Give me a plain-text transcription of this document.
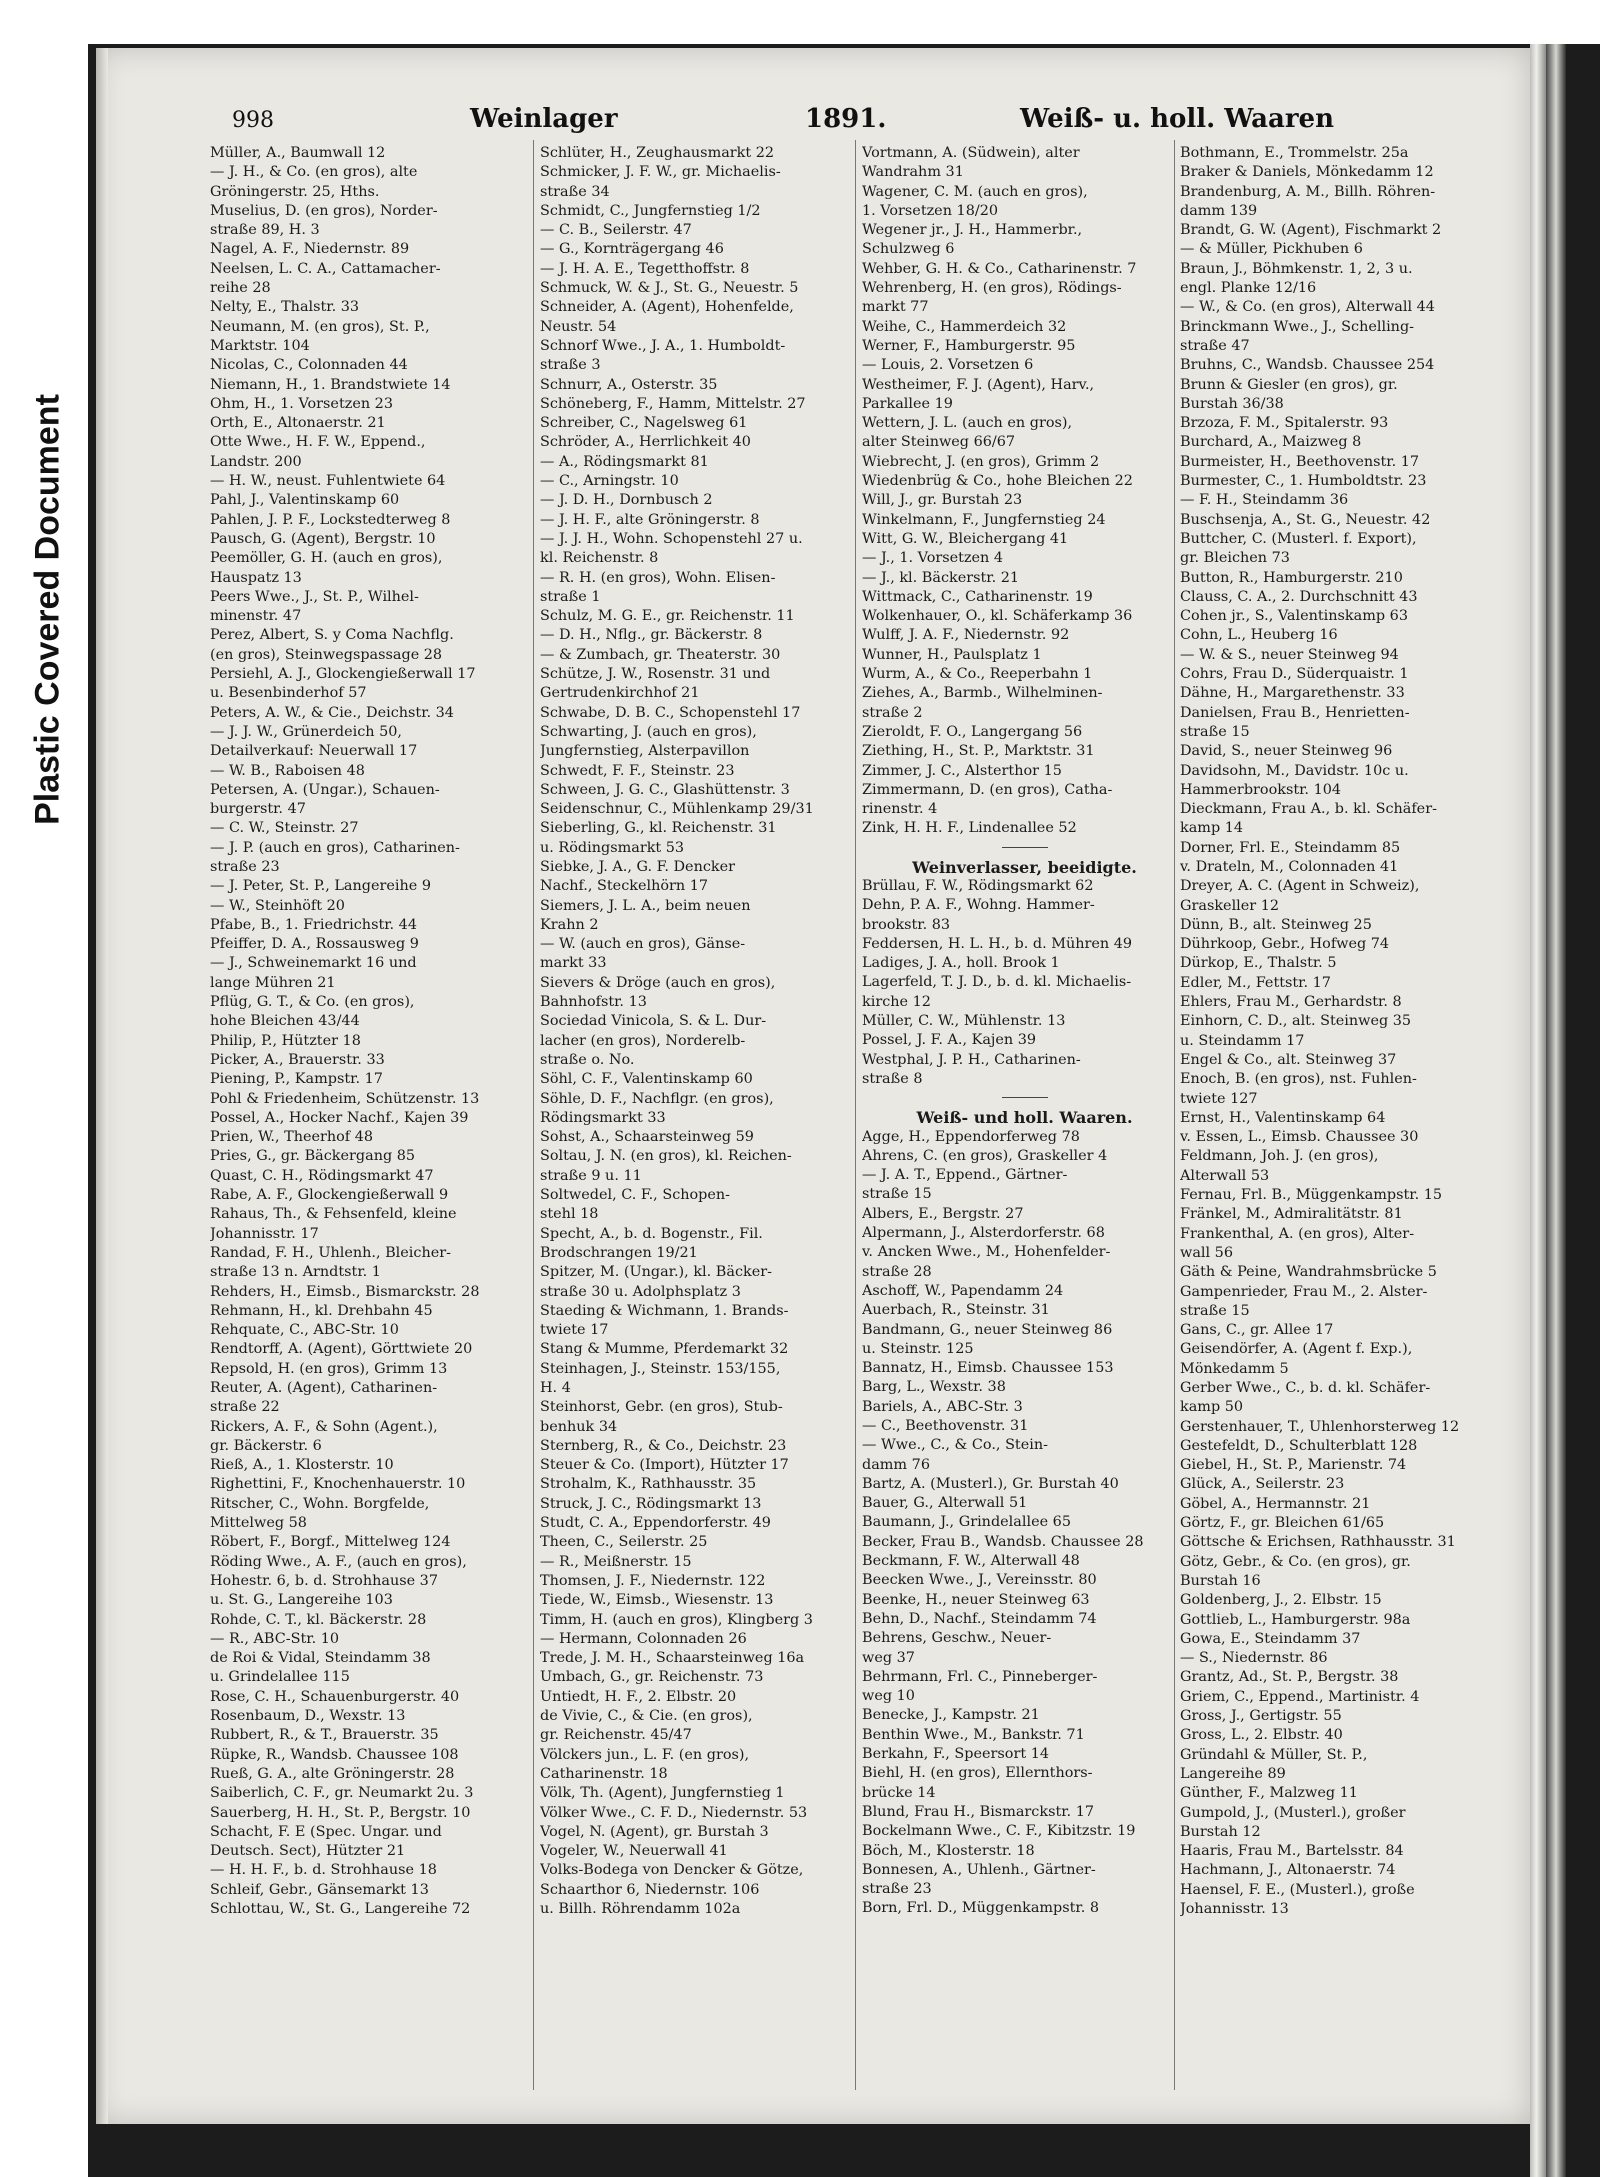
Plastic Covered Document
998	Weinlager	1891.	Weiß- u. holl. Waaren
Müller, A., Baumwall 12
— J. H., & Co. (en gros), alte
Gröningerstr. 25, Hths.
Muselius, D. (en gros), Norder-
straße 89, H. 3
Nagel, A. F., Niedernstr. 89
Neelsen, L. C. A., Cattamacher-
reihe 28
Nelty, E., Thalstr. 33
Neumann, M. (en gros), St. P.,
Marktstr. 104
Nicolas, C., Colonnaden 44
Niemann, H., 1. Brandstwiete 14
Ohm, H., 1. Vorsetzen 23
Orth, E., Altonaerstr. 21
Otte Wwe., H. F. W., Eppend.,
Landstr. 200
— H. W., neust. Fuhlentwiete 64
Pahl, J., Valentinskamp 60
Pahlen, J. P. F., Lockstedterweg 8
Pausch, G. (Agent), Bergstr. 10
Peemöller, G. H. (auch en gros),
Hauspatz 13
Peers Wwe., J., St. P., Wilhel-
minenstr. 47
Perez, Albert, S. y Coma Nachflg.
(en gros), Steinwegspassage 28
Persiehl, A. J., Glockengießerwall 17
u. Besenbinderhof 57
Peters, A. W., & Cie., Deichstr. 34
— J. J. W., Grünerdeich 50,
Detailverkauf: Neuerwall 17
— W. B., Raboisen 48
Petersen, A. (Ungar.), Schauen-
burgerstr. 47
— C. W., Steinstr. 27
— J. P. (auch en gros), Catharinen-
straße 23
— J. Peter, St. P., Langereihe 9
— W., Steinhöft 20
Pfabe, B., 1. Friedrichstr. 44
Pfeiffer, D. A., Rossausweg 9
— J., Schweinemarkt 16 und
lange Mühren 21
Pflüg, G. T., & Co. (en gros),
hohe Bleichen 43/44
Philip, P., Hützter 18
Picker, A., Brauerstr. 33
Piening, P., Kampstr. 17
Pohl & Friedenheim, Schützenstr. 13
Possel, A., Hocker Nachf., Kajen 39
Prien, W., Theerhof 48
Pries, G., gr. Bäckergang 85
Quast, C. H., Rödingsmarkt 47
Rabe, A. F., Glockengießerwall 9
Rahaus, Th., & Fehsenfeld, kleine
Johannisstr. 17
Randad, F. H., Uhlenh., Bleicher-
straße 13 n. Arndtstr. 1
Rehders, H., Eimsb., Bismarckstr. 28
Rehmann, H., kl. Drehbahn 45
Rehquate, C., ABC-Str. 10
Rendtorff, A. (Agent), Görttwiete 20
Repsold, H. (en gros), Grimm 13
Reuter, A. (Agent), Catharinen-
straße 22
Rickers, A. F., & Sohn (Agent.),
gr. Bäckerstr. 6
Rieß, A., 1. Klosterstr. 10
Righettini, F., Knochenhauerstr. 10
Ritscher, C., Wohn. Borgfelde,
Mittelweg 58
Röbert, F., Borgf., Mittelweg 124
Röding Wwe., A. F., (auch en gros),
Hohestr. 6, b. d. Strohhause 37
u. St. G., Langereihe 103
Rohde, C. T., kl. Bäckerstr. 28
— R., ABC-Str. 10
de Roi & Vidal, Steindamm 38
u. Grindelallee 115
Rose, C. H., Schauenburgerstr. 40
Rosenbaum, D., Wexstr. 13
Rubbert, R., & T., Brauerstr. 35
Rüpke, R., Wandsb. Chaussee 108
Rueß, G. A., alte Gröningerstr. 28
Saiberlich, C. F., gr. Neumarkt 2u. 3
Sauerberg, H. H., St. P., Bergstr. 10
Schacht, F. E (Spec. Ungar. und
Deutsch. Sect), Hützter 21
— H. H. F., b. d. Strohhause 18
Schleif, Gebr., Gänsemarkt 13
Schlottau, W., St. G., Langereihe 72
Schlüter, H., Zeughausmarkt 22
Schmicker, J. F. W., gr. Michaelis-
straße 34
Schmidt, C., Jungfernstieg 1/2
— C. B., Seilerstr. 47
— G., Kornträgergang 46
— J. H. A. E., Tegetthoffstr. 8
Schmuck, W. & J., St. G., Neuestr. 5
Schneider, A. (Agent), Hohenfelde,
Neustr. 54
Schnorf Wwe., J. A., 1. Humboldt-
straße 3
Schnurr, A., Osterstr. 35
Schöneberg, F., Hamm, Mittelstr. 27
Schreiber, C., Nagelsweg 61
Schröder, A., Herrlichkeit 40
— A., Rödingsmarkt 81
— C., Arningstr. 10
— J. D. H., Dornbusch 2
— J. H. F., alte Gröningerstr. 8
— J. J. H., Wohn. Schopenstehl 27 u.
kl. Reichenstr. 8
— R. H. (en gros), Wohn. Elisen-
straße 1
Schulz, M. G. E., gr. Reichenstr. 11
— D. H., Nflg., gr. Bäckerstr. 8
— & Zumbach, gr. Theaterstr. 30
Schütze, J. W., Rosenstr. 31 und
Gertrudenkirchhof 21
Schwabe, D. B. C., Schopenstehl 17
Schwarting, J. (auch en gros),
Jungfernstieg, Alsterpavillon
Schwedt, F. F., Steinstr. 23
Schween, J. G. C., Glashüttenstr. 3
Seidenschnur, C., Mühlenkamp 29/31
Sieberling, G., kl. Reichenstr. 31
u. Rödingsmarkt 53
Siebke, J. A., G. F. Dencker
Nachf., Steckelhörn 17
Siemers, J. L. A., beim neuen
Krahn 2
— W. (auch en gros), Gänse-
markt 33
Sievers & Dröge (auch en gros),
Bahnhofstr. 13
Sociedad Vinicola, S. & L. Dur-
lacher (en gros), Norderelb-
straße o. No.
Söhl, C. F., Valentinskamp 60
Söhle, D. F., Nachflgr. (en gros),
Rödingsmarkt 33
Sohst, A., Schaarsteinweg 59
Soltau, J. N. (en gros), kl. Reichen-
straße 9 u. 11
Soltwedel, C. F., Schopen-
stehl 18
Specht, A., b. d. Bogenstr., Fil.
Brodschrangen 19/21
Spitzer, M. (Ungar.), kl. Bäcker-
straße 30 u. Adolphsplatz 3
Staeding & Wichmann, 1. Brands-
twiete 17
Stang & Mumme, Pferdemarkt 32
Steinhagen, J., Steinstr. 153/155,
H. 4
Steinhorst, Gebr. (en gros), Stub-
benhuk 34
Sternberg, R., & Co., Deichstr. 23
Steuer & Co. (Import), Hützter 17
Strohalm, K., Rathhausstr. 35
Struck, J. C., Rödingsmarkt 13
Studt, C. A., Eppendorferstr. 49
Theen, C., Seilerstr. 25
— R., Meißnerstr. 15
Thomsen, J. F., Niedernstr. 122
Tiede, W., Eimsb., Wiesenstr. 13
Timm, H. (auch en gros), Klingberg 3
— Hermann, Colonnaden 26
Trede, J. M. H., Schaarsteinweg 16a
Umbach, G., gr. Reichenstr. 73
Untiedt, H. F., 2. Elbstr. 20
de Vivie, C., & Cie. (en gros),
gr. Reichenstr. 45/47
Völckers jun., L. F. (en gros),
Catharinenstr. 18
Völk, Th. (Agent), Jungfernstieg 1
Völker Wwe., C. F. D., Niedernstr. 53
Vogel, N. (Agent), gr. Burstah 3
Vogeler, W., Neuerwall 41
Volks-Bodega von Dencker & Götze,
Schaarthor 6, Niedernstr. 106
u. Billh. Röhrendamm 102a
Vortmann, A. (Südwein), alter
Wandrahm 31
Wagener, C. M. (auch en gros),
1. Vorsetzen 18/20
Wegener jr., J. H., Hammerbr.,
Schulzweg 6
Wehber, G. H. & Co., Catharinenstr. 7
Wehrenberg, H. (en gros), Rödings-
markt 77
Weihe, C., Hammerdeich 32
Werner, F., Hamburgerstr. 95
— Louis, 2. Vorsetzen 6
Westheimer, F. J. (Agent), Harv.,
Parkallee 19
Wettern, J. L. (auch en gros),
alter Steinweg 66/67
Wiebrecht, J. (en gros), Grimm 2
Wiedenbrüg & Co., hohe Bleichen 22
Will, J., gr. Burstah 23
Winkelmann, F., Jungfernstieg 24
Witt, G. W., Bleichergang 41
— J., 1. Vorsetzen 4
— J., kl. Bäckerstr. 21
Wittmack, C., Catharinenstr. 19
Wolkenhauer, O., kl. Schäferkamp 36
Wulff, J. A. F., Niedernstr. 92
Wunner, H., Paulsplatz 1
Wurm, A., & Co., Reeperbahn 1
Ziehes, A., Barmb., Wilhelminen-
straße 2
Zieroldt, F. O., Langergang 56
Ziething, H., St. P., Marktstr. 31
Zimmer, J. C., Alsterthor 15
Zimmermann, D. (en gros), Catha-
rinenstr. 4
Zink, H. H. F., Lindenallee 52
Weinverlasser, beeidigte.
Brüllau, F. W., Rödingsmarkt 62
Dehn, P. A. F., Wohng. Hammer-
brookstr. 83
Feddersen, H. L. H., b. d. Mühren 49
Ladiges, J. A., holl. Brook 1
Lagerfeld, T. J. D., b. d. kl. Michaelis-
kirche 12
Müller, C. W., Mühlenstr. 13
Possel, J. F. A., Kajen 39
Westphal, J. P. H., Catharinen-
straße 8
Weiß- und holl. Waaren.
Agge, H., Eppendorferweg 78
Ahrens, C. (en gros), Graskeller 4
— J. A. T., Eppend., Gärtner-
straße 15
Albers, E., Bergstr. 27
Alpermann, J., Alsterdorferstr. 68
v. Ancken Wwe., M., Hohenfelder-
straße 28
Aschoff, W., Papendamm 24
Auerbach, R., Steinstr. 31
Bandmann, G., neuer Steinweg 86
u. Steinstr. 125
Bannatz, H., Eimsb. Chaussee 153
Barg, L., Wexstr. 38
Bariels, A., ABC-Str. 3
— C., Beethovenstr. 31
— Wwe., C., & Co., Stein-
damm 76
Bartz, A. (Musterl.), Gr. Burstah 40
Bauer, G., Alterwall 51
Baumann, J., Grindelallee 65
Becker, Frau B., Wandsb. Chaussee 28
Beckmann, F. W., Alterwall 48
Beecken Wwe., J., Vereinsstr. 80
Beenke, H., neuer Steinweg 63
Behn, D., Nachf., Steindamm 74
Behrens, Geschw., Neuer-
weg 37
Behrmann, Frl. C., Pinneberger-
weg 10
Benecke, J., Kampstr. 21
Benthin Wwe., M., Bankstr. 71
Berkahn, F., Speersort 14
Biehl, H. (en gros), Ellernthors-
brücke 14
Blund, Frau H., Bismarckstr. 17
Bockelmann Wwe., C. F., Kibitzstr. 19
Böch, M., Klosterstr. 18
Bonnesen, A., Uhlenh., Gärtner-
straße 23
Born, Frl. D., Müggenkampstr. 8
Bothmann, E., Trommelstr. 25a
Braker & Daniels, Mönkedamm 12
Brandenburg, A. M., Billh. Röhren-
damm 139
Brandt, G. W. (Agent), Fischmarkt 2
— & Müller, Pickhuben 6
Braun, J., Böhmkenstr. 1, 2, 3 u.
engl. Planke 12/16
— W., & Co. (en gros), Alterwall 44
Brinckmann Wwe., J., Schelling-
straße 47
Bruhns, C., Wandsb. Chaussee 254
Brunn & Giesler (en gros), gr.
Burstah 36/38
Brzoza, F. M., Spitalerstr. 93
Burchard, A., Maizweg 8
Burmeister, H., Beethovenstr. 17
Burmester, C., 1. Humboldtstr. 23
— F. H., Steindamm 36
Buschsenja, A., St. G., Neuestr. 42
Buttcher, C. (Musterl. f. Export),
gr. Bleichen 73
Button, R., Hamburgerstr. 210
Clauss, C. A., 2. Durchschnitt 43
Cohen jr., S., Valentinskamp 63
Cohn, L., Heuberg 16
— W. & S., neuer Steinweg 94
Cohrs, Frau D., Süderquaistr. 1
Dähne, H., Margarethenstr. 33
Danielsen, Frau B., Henrietten-
straße 15
David, S., neuer Steinweg 96
Davidsohn, M., Davidstr. 10c u.
Hammerbrookstr. 104
Dieckmann, Frau A., b. kl. Schäfer-
kamp 14
Dorner, Frl. E., Steindamm 85
v. Drateln, M., Colonnaden 41
Dreyer, A. C. (Agent in Schweiz),
Graskeller 12
Dünn, B., alt. Steinweg 25
Dührkoop, Gebr., Hofweg 74
Dürkop, E., Thalstr. 5
Edler, M., Fettstr. 17
Ehlers, Frau M., Gerhardstr. 8
Einhorn, C. D., alt. Steinweg 35
u. Steindamm 17
Engel & Co., alt. Steinweg 37
Enoch, B. (en gros), nst. Fuhlen-
twiete 127
Ernst, H., Valentinskamp 64
v. Essen, L., Eimsb. Chaussee 30
Feldmann, Joh. J. (en gros),
Alterwall 53
Fernau, Frl. B., Müggenkampstr. 15
Fränkel, M., Admiralitätstr. 81
Frankenthal, A. (en gros), Alter-
wall 56
Gäth & Peine, Wandrahmsbrücke 5
Gampenrieder, Frau M., 2. Alster-
straße 15
Gans, C., gr. Allee 17
Geisendörfer, A. (Agent f. Exp.),
Mönkedamm 5
Gerber Wwe., C., b. d. kl. Schäfer-
kamp 50
Gerstenhauer, T., Uhlenhorsterweg 12
Gestefeldt, D., Schulterblatt 128
Giebel, H., St. P., Marienstr. 74
Glück, A., Seilerstr. 23
Göbel, A., Hermannstr. 21
Görtz, F., gr. Bleichen 61/65
Göttsche & Erichsen, Rathhausstr. 31
Götz, Gebr., & Co. (en gros), gr.
Burstah 16
Goldenberg, J., 2. Elbstr. 15
Gottlieb, L., Hamburgerstr. 98a
Gowa, E., Steindamm 37
— S., Niedernstr. 86
Grantz, Ad., St. P., Bergstr. 38
Griem, C., Eppend., Martinistr. 4
Gross, J., Gertigstr. 55
Gross, L., 2. Elbstr. 40
Gründahl & Müller, St. P.,
Langereihe 89
Günther, F., Malzweg 11
Gumpold, J., (Musterl.), großer
Burstah 12
Haaris, Frau M., Bartelsstr. 84
Hachmann, J., Altonaerstr. 74
Haensel, F. E., (Musterl.), große
Johannisstr. 13
